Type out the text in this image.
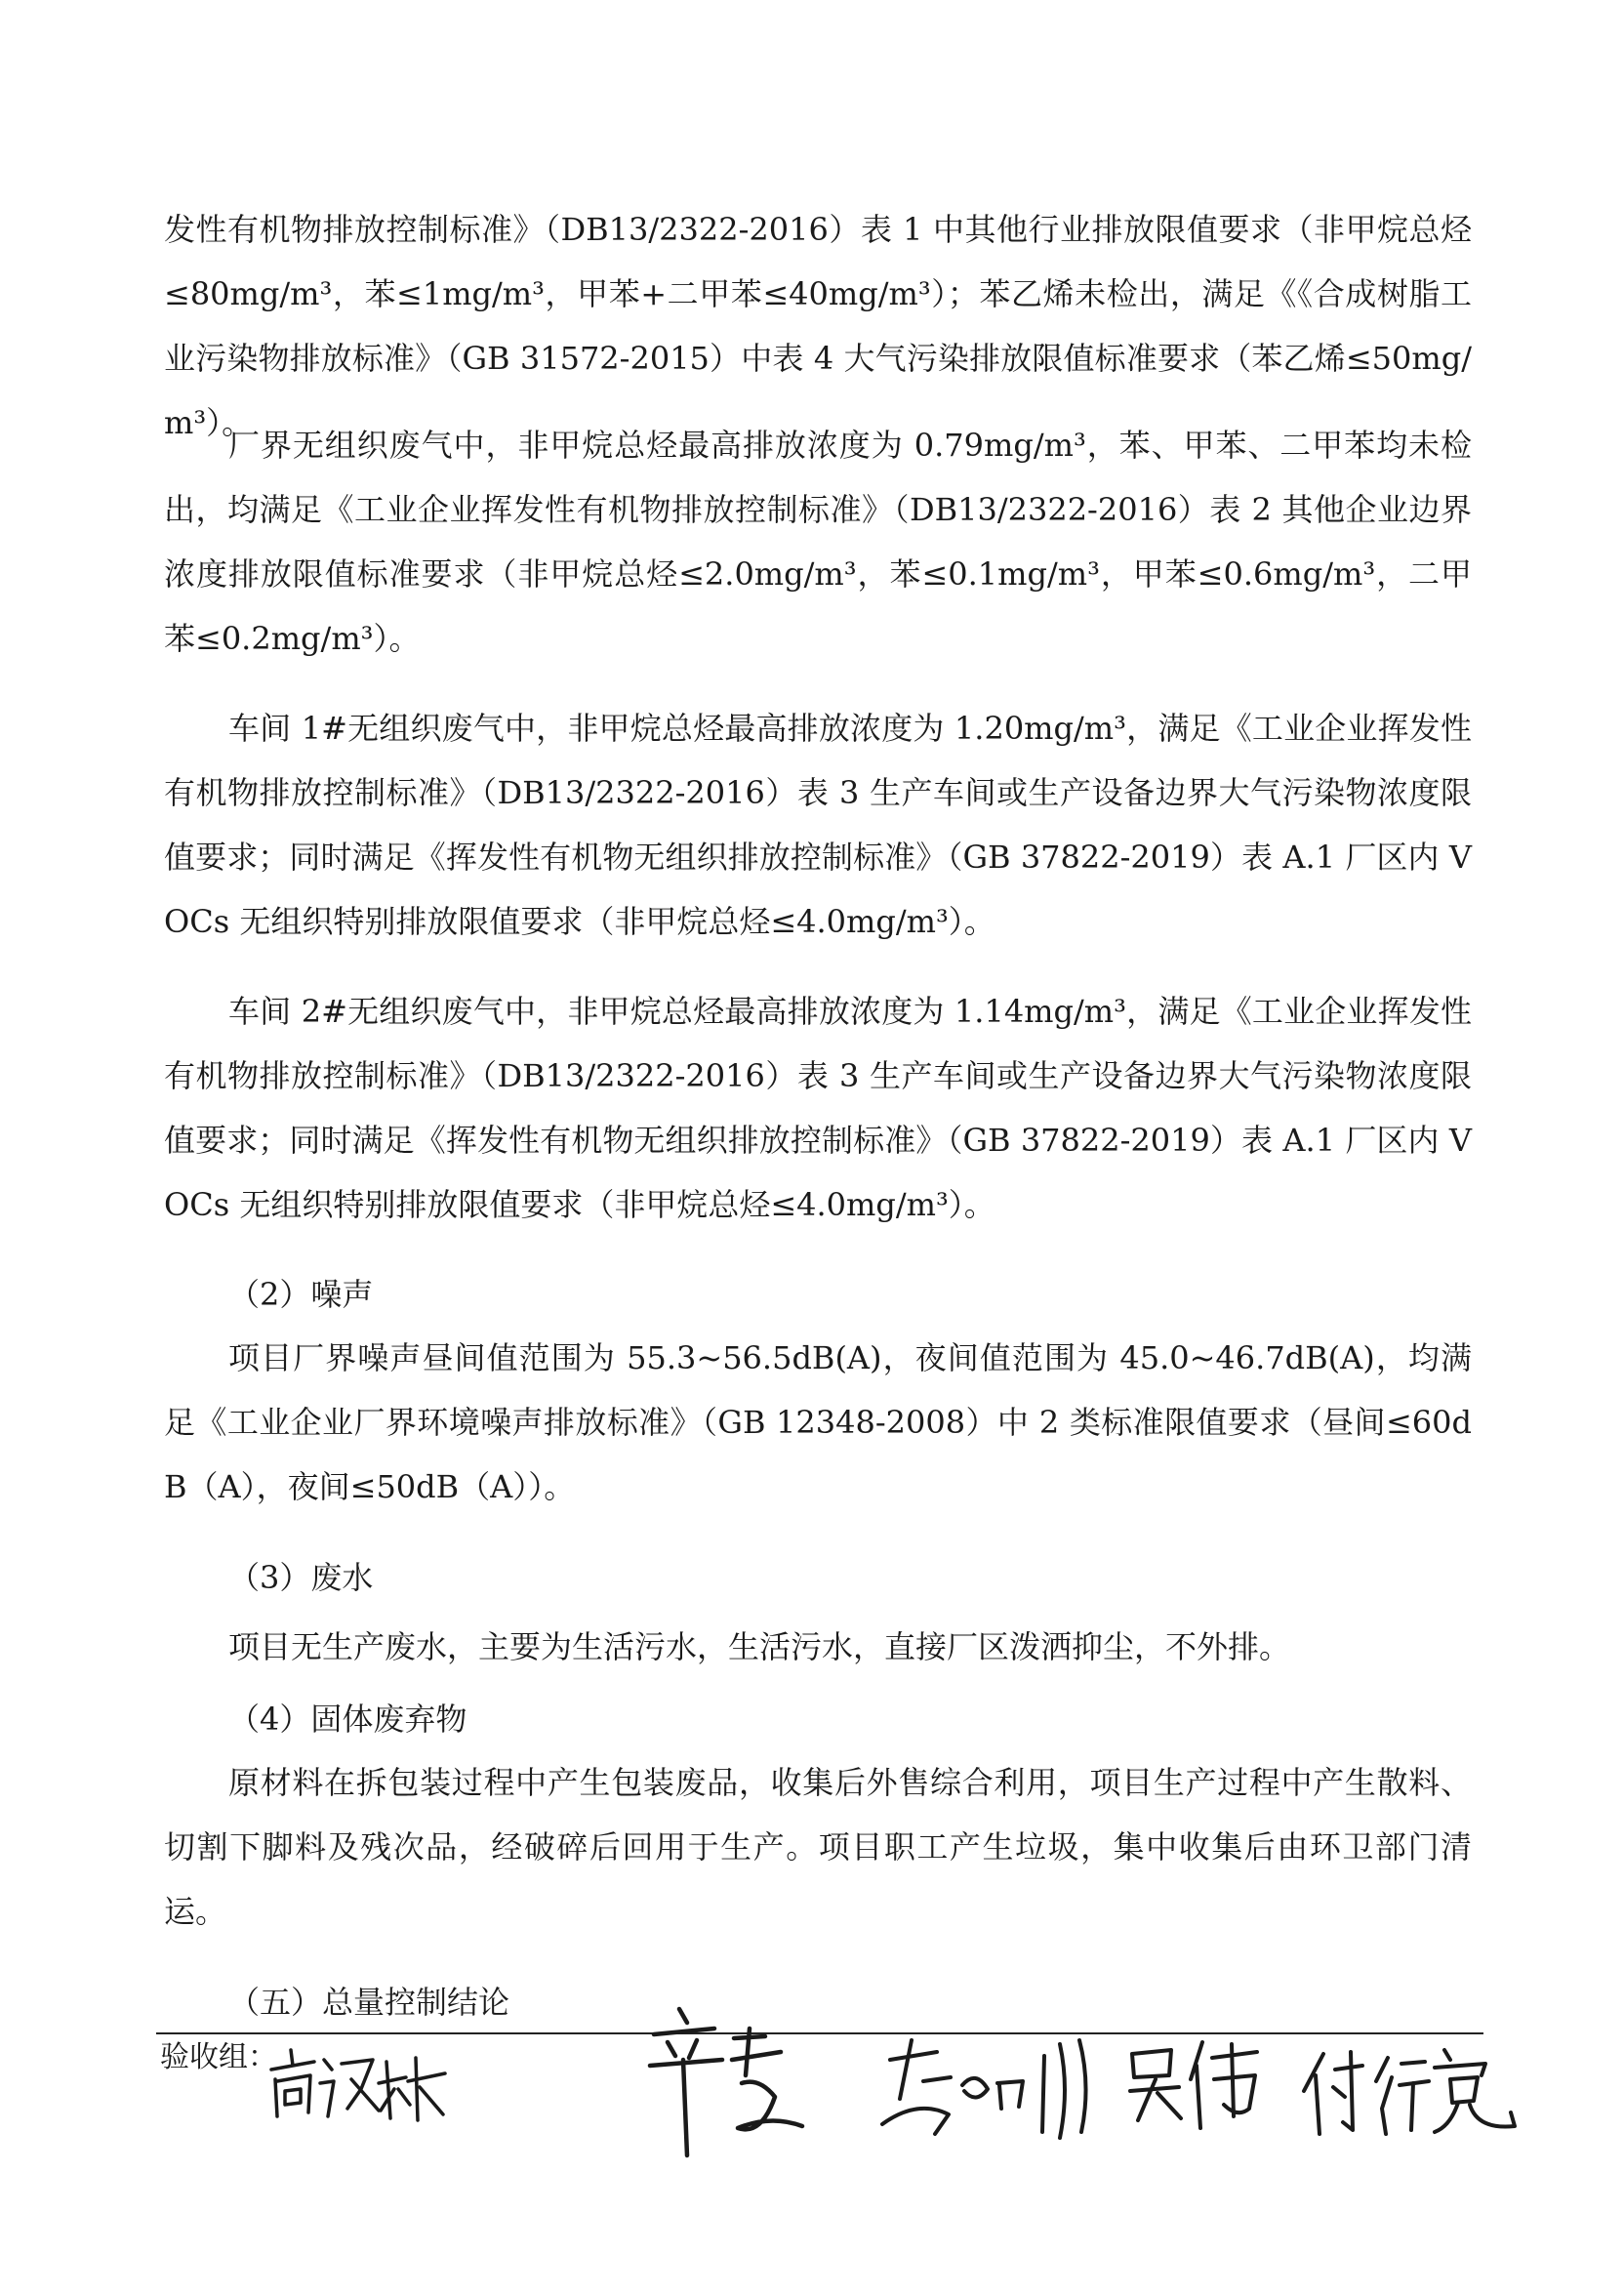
发性有机物排放控制标准》（DB13/2322-2016）表 1 中其他行业排放限值要求（非甲烷总烃≤80mg/m³，苯≤1mg/m³，甲苯+二甲苯≤40mg/m³）；苯乙烯未检出，满足《《合成树脂工业污染物排放标准》（GB 31572-2015）中表 4 大气污染排放限值标准要求（苯乙烯≤50mg/m³）。

厂界无组织废气中，非甲烷总烃最高排放浓度为 0.79mg/m³，苯、甲苯、二甲苯均未检出，均满足《工业企业挥发性有机物排放控制标准》（DB13/2322-2016）表 2 其他企业边界浓度排放限值标准要求（非甲烷总烃≤2.0mg/m³，苯≤0.1mg/m³，甲苯≤0.6mg/m³，二甲苯≤0.2mg/m³）。

车间 1#无组织废气中，非甲烷总烃最高排放浓度为 1.20mg/m³，满足《工业企业挥发性有机物排放控制标准》（DB13/2322-2016）表 3 生产车间或生产设备边界大气污染物浓度限值要求；同时满足《挥发性有机物无组织排放控制标准》（GB 37822-2019）表 A.1 厂区内 VOCs 无组织特别排放限值要求（非甲烷总烃≤4.0mg/m³）。

车间 2#无组织废气中，非甲烷总烃最高排放浓度为 1.14mg/m³，满足《工业企业挥发性有机物排放控制标准》（DB13/2322-2016）表 3 生产车间或生产设备边界大气污染物浓度限值要求；同时满足《挥发性有机物无组织排放控制标准》（GB 37822-2019）表 A.1 厂区内 VOCs 无组织特别排放限值要求（非甲烷总烃≤4.0mg/m³）。

（2）噪声

项目厂界噪声昼间值范围为 55.3~56.5dB(A)，夜间值范围为 45.0~46.7dB(A)，均满足《工业企业厂界环境噪声排放标准》（GB 12348-2008）中 2 类标准限值要求（昼间≤60dB（A），夜间≤50dB（A））。

（3）废水

项目无生产废水，主要为生活污水，生活污水，直接厂区泼洒抑尘，不外排。

（4）固体废弃物

原材料在拆包装过程中产生包装废品，收集后外售综合利用，项目生产过程中产生散料、切割下脚料及残次品，经破碎后回用于生产。项目职工产生垃圾，集中收集后由环卫部门清运。

（五）总量控制结论

验收组：
